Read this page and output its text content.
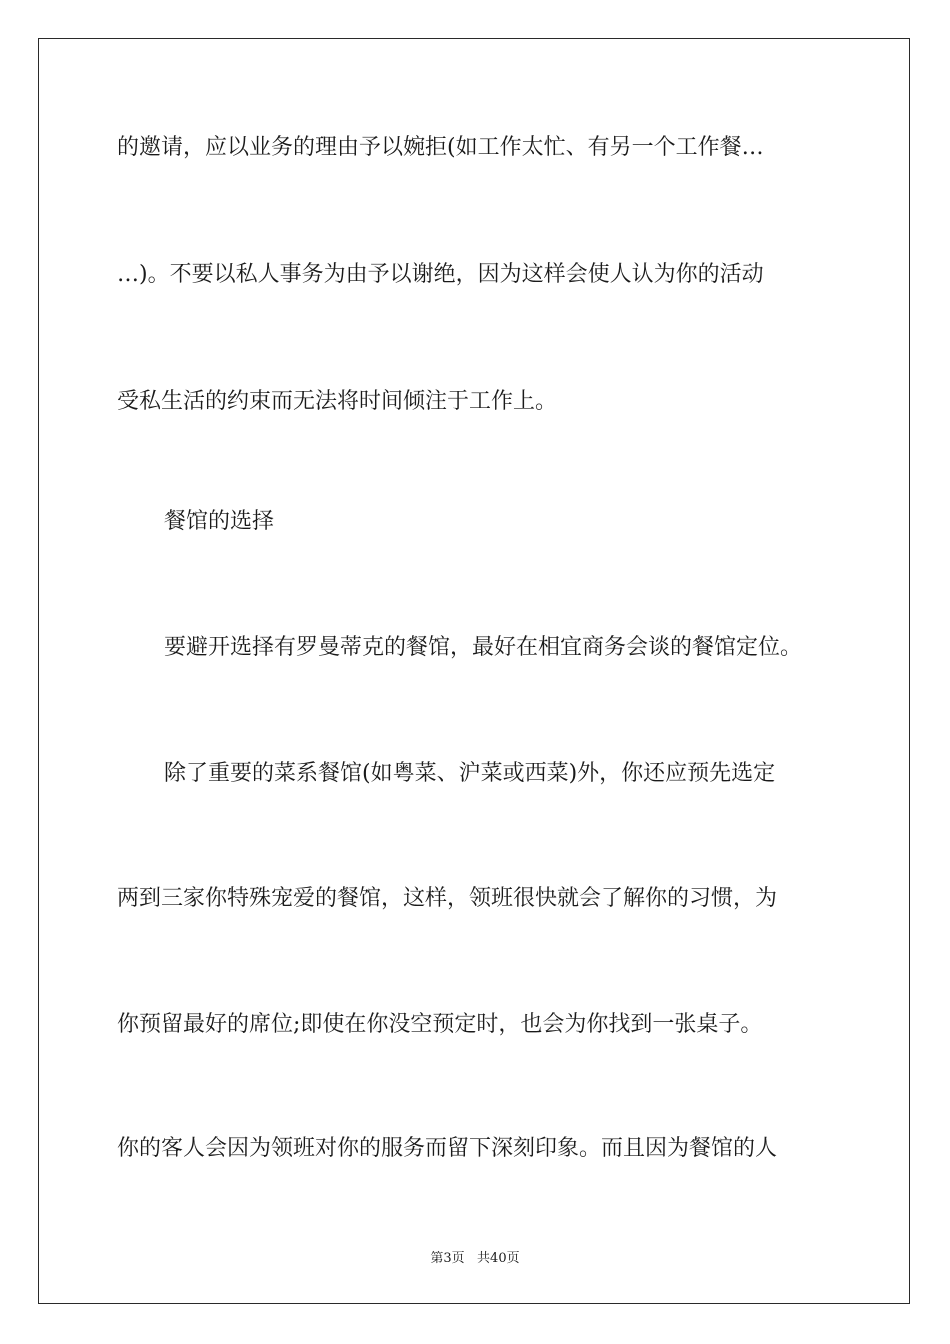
的邀请，应以业务的理由予以婉拒(如工作太忙、有另一个工作餐…

…)。不要以私人事务为由予以谢绝，因为这样会使人认为你的活动

受私生活的约束而无法将时间倾注于工作上。

餐馆的选择

要避开选择有罗曼蒂克的餐馆，最好在相宜商务会谈的餐馆定位。

除了重要的菜系餐馆(如粤菜、沪菜或西菜)外，你还应预先选定

两到三家你特殊宠爱的餐馆，这样，领班很快就会了解你的习惯，为

你预留最好的席位;即使在你没空预定时，也会为你找到一张桌子。

你的客人会因为领班对你的服务而留下深刻印象。而且因为餐馆的人

第3页   共40页
